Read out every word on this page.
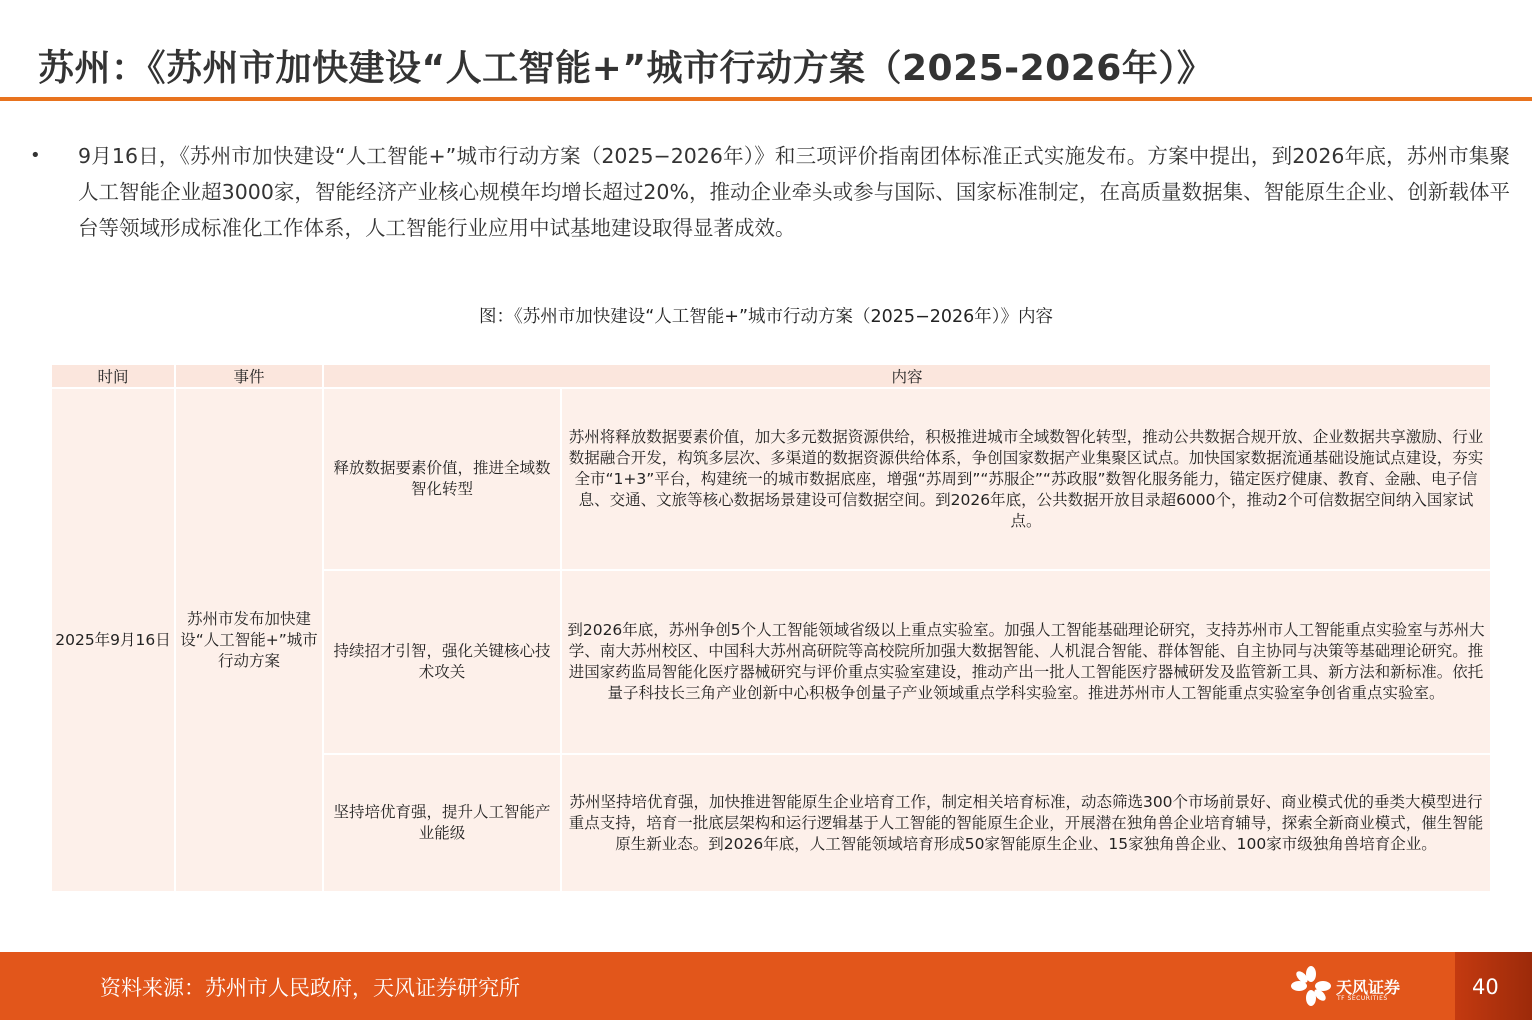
苏州：《苏州市加快建设“人工智能+”城市行动方案（2025-2026年）》
• 9月16日，《苏州市加快建设“人工智能+”城市行动方案（2025−2026年）》和三项评价指南团体标准正式实施发布。方案中提出，到2026年底，苏州市集聚人工智能企业超3000家，智能经济产业核心规模年均增长超过20%，推动企业牵头或参与国际、国家标准制定，在高质量数据集、智能原生企业、创新载体平台等领域形成标准化工作体系，人工智能行业应用中试基地建设取得显著成效。
图：《苏州市加快建设“人工智能+”城市行动方案（2025−2026年）》内容
时间	事件	内容	
2025年9月16日	苏州市发布加快建设“人工智能+”城市行动方案	释放数据要素价值，推进全域数智化转型	苏州将释放数据要素价值，加大多元数据资源供给，积极推进城市全域数智化转型，推动公共数据合规开放、企业数据共享激励、行业数据融合开发，构筑多层次、多渠道的数据资源供给体系，争创国家数据产业集聚区试点。加快国家数据流通基础设施试点建设，夯实全市“1+3”平台，构建统一的城市数据底座，增强“苏周到”“苏服企”“苏政服”数智化服务能力，锚定医疗健康、教育、金融、电子信息、交通、文旅等核心数据场景建设可信数据空间。到2026年底，公共数据开放目录超6000个，推动2个可信数据空间纳入国家试点。
		持续招才引智，强化关键核心技术攻关	到2026年底，苏州争创5个人工智能领域省级以上重点实验室。加强人工智能基础理论研究，支持苏州市人工智能重点实验室与苏州大学、南大苏州校区、中国科大苏州高研院等高校院所加强大数据智能、人机混合智能、群体智能、自主协同与决策等基础理论研究。推进国家药监局智能化医疗器械研究与评价重点实验室建设，推动产出一批人工智能医疗器械研发及监管新工具、新方法和新标准。依托量子科技长三角产业创新中心积极争创量子产业领域重点学科实验室。推进苏州市人工智能重点实验室争创省重点实验室。
		坚持培优育强，提升人工智能产业能级	苏州坚持培优育强，加快推进智能原生企业培育工作，制定相关培育标准，动态筛选300个市场前景好、商业模式优的垂类大模型进行重点支持，培育一批底层架构和运行逻辑基于人工智能的智能原生企业，开展潜在独角兽企业培育辅导，探索全新商业模式，催生智能原生新业态。到2026年底，人工智能领域培育形成50家智能原生企业、15家独角兽企业、100家市级独角兽培育企业。
资料来源：苏州市人民政府，天风证券研究所	天风证券
TF SECURITIES	40
